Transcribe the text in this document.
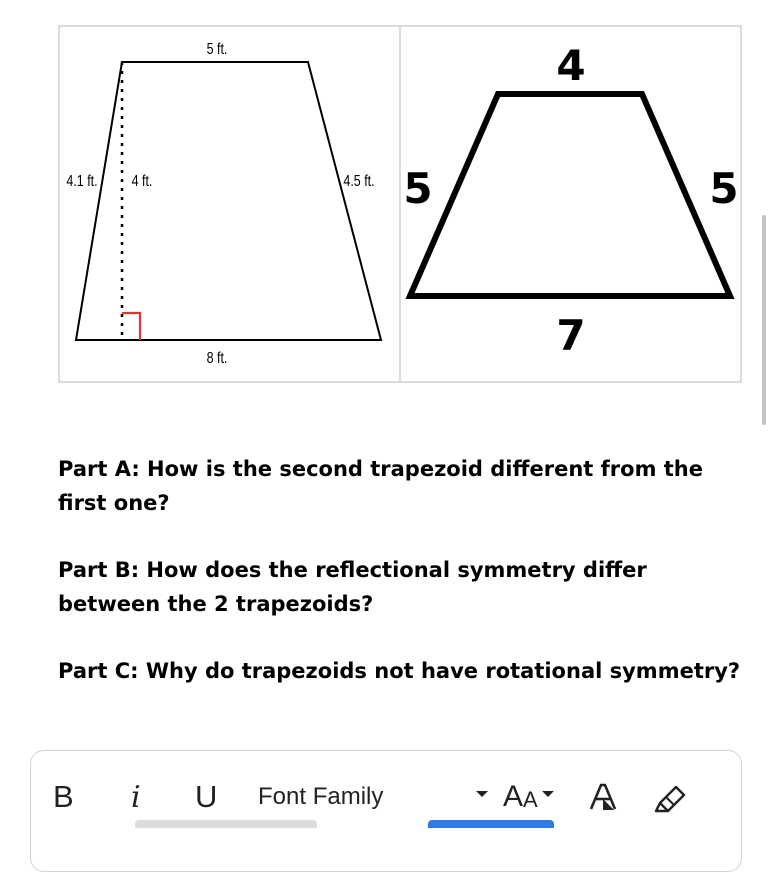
5 ft.
4.1 ft. 4 ft.	4.5 ft.
8 ft.
4
5	5
7

Part A: How is the second trapezoid different from the first one?

Part B: How does the reflectional symmetry differ between the 2 trapezoids?

Part C: Why do trapezoids not have rotational symmetry?

B i U Font Family	A A
